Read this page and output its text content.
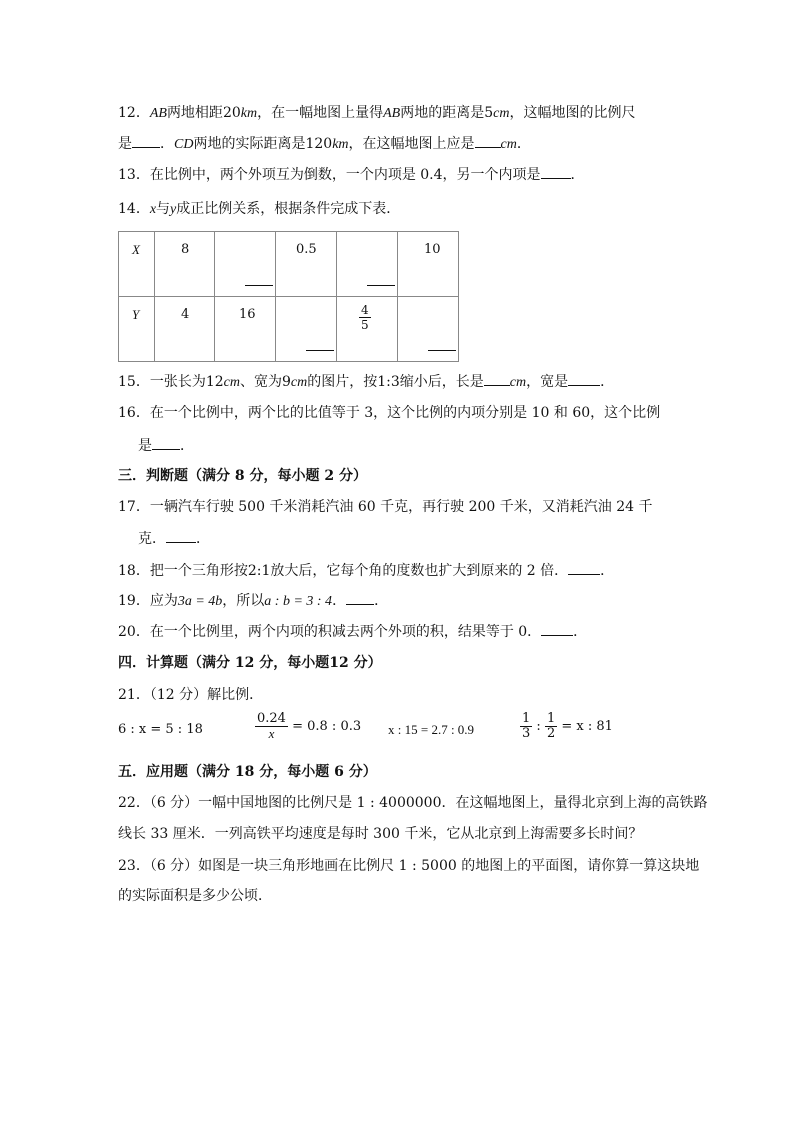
12．AB两地相距20km，在一幅地图上量得AB两地的距离是5cm，这幅地图的比例尺
是 ．CD两地的实际距离是120km，在这幅地图上应是 cm．
13．在比例中，两个外项互为倒数，一个内项是 0.4，另一个内项是 ．
14．x与y成正比例关系，根据条件完成下表．
X	8		0.5		10

Y	4	16		$\frac{4}{5}$

15．一张长为12cm、宽为9cm的图片，按1:3缩小后，长是 cm，宽是 ．
16．在一个比例中，两个比的比值等于 3，这个比例的内项分别是 10 和 60，这个比例
是 ．
三．判断题（满分 8 分，每小题 2 分）
17．一辆汽车行驶 500 千米消耗汽油 60 千克，再行驶 200 千米，又消耗汽油 24 千
克． ．
18．把一个三角形按2:1放大后，它每个角的度数也扩大到原来的 2 倍． ．
19．应为3a = 4b，所以a : b = 3 : 4． ．
20．在一个比例里，两个内项的积减去两个外项的积，结果等于 0． ．
四．计算题（满分 12 分，每小题12 分）
21．（12 分）解比例．
6 : x = 5 : 18	$\frac{0.24}{x} = 0.8$ : 0.3 x : 15 = 2.7 : 0.9	$\frac{1}{3}$ : $\frac{1}{2} = x$ : 81
五．应用题（满分 18 分，每小题 6 分）
22．（6 分）一幅中国地图的比例尺是 1 : 4000000．在这幅地图上，量得北京到上海的高铁路
线长 33 厘米．一列高铁平均速度是每时 300 千米，它从北京到上海需要多长时间？
23．（6 分）如图是一块三角形地画在比例尺 1 : 5000 的地图上的平面图，请你算一算这块地
的实际面积是多少公顷．
